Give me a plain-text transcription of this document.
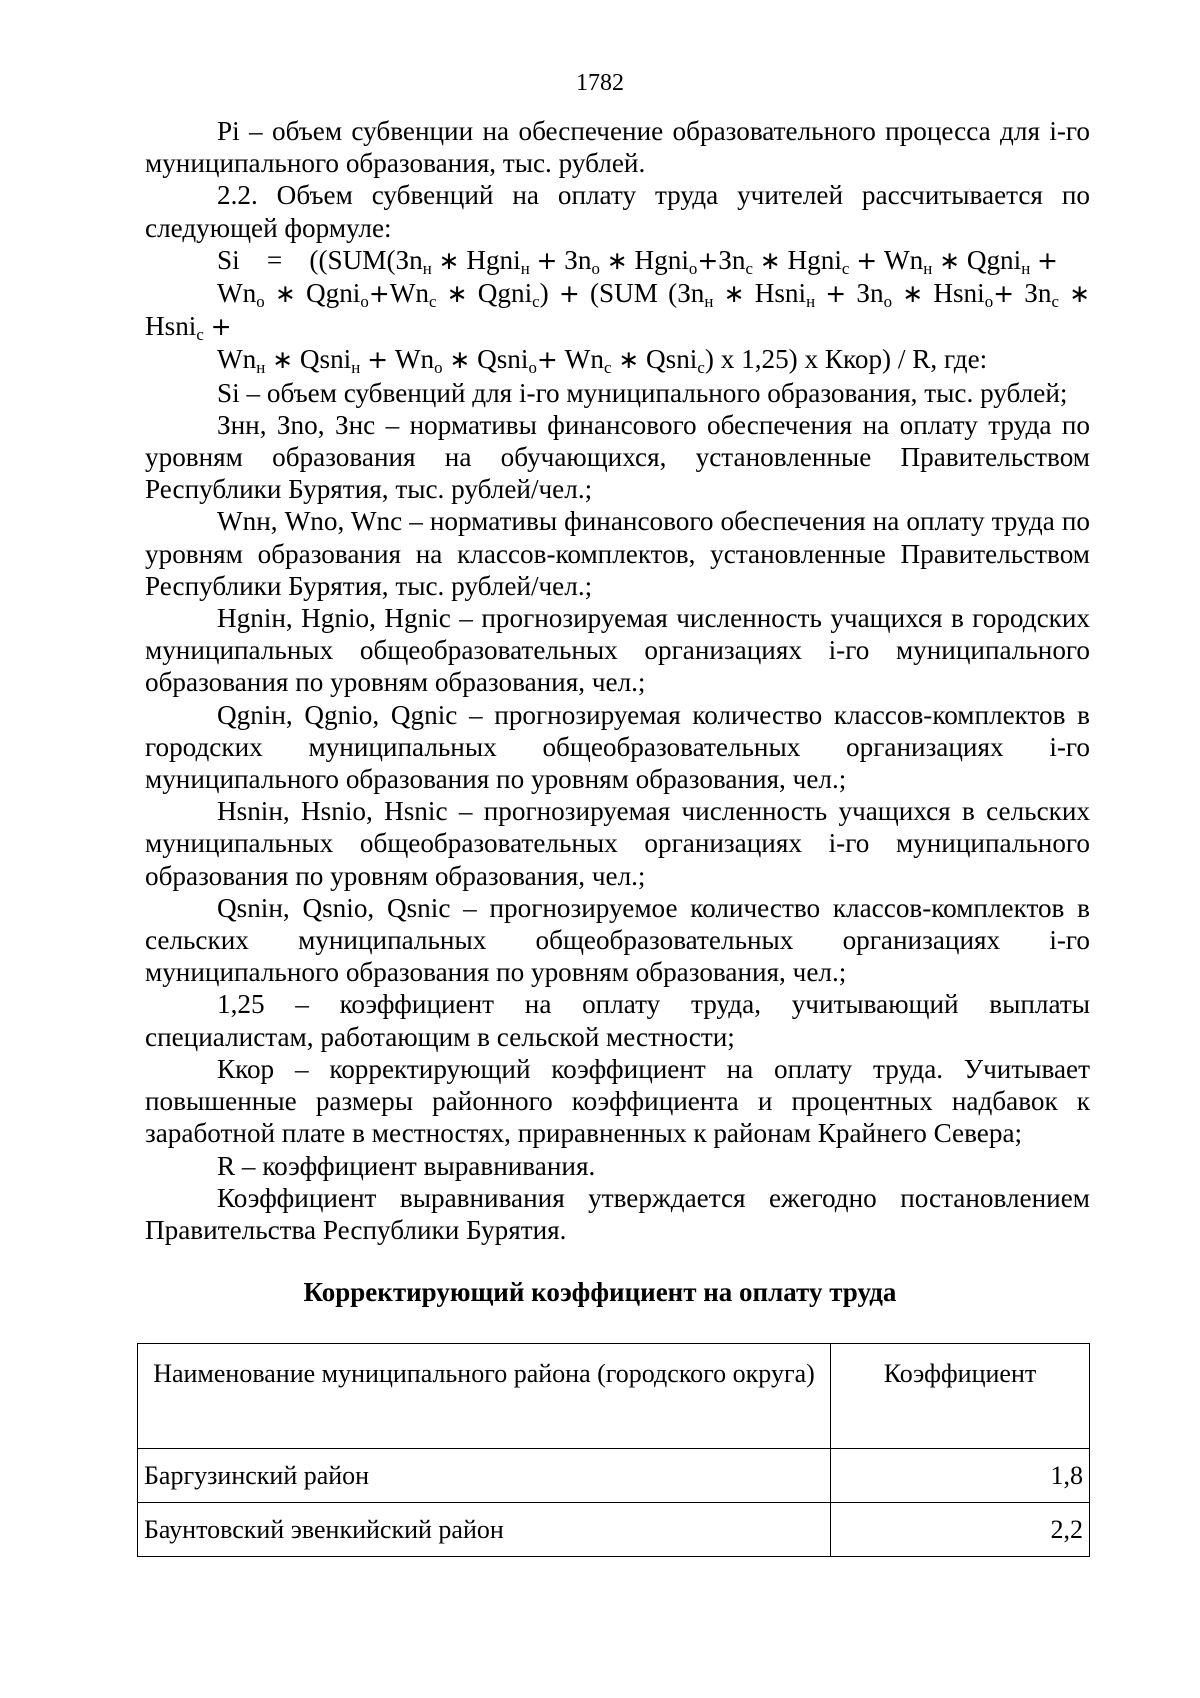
1782

Pi – объем субвенции на обеспечение образовательного процесса для i-го муниципального образования, тыс. рублей.

2.2. Объем субвенций на оплату труда учителей рассчитывается по следующей формуле:

$Si = ((SUM(Зn_н$ ∗ Hgni$_н$ + $Зn_о$ ∗ $Hgni_о+Зn_с$ ∗ Hgni$_с$ + $Wn_н$ ∗ Qgni$_н$ +

$Wn_о$ ∗ $Qgni_о+Wn_с$ ∗ Qgni$_с$) + (SUM ($Зn_н$ ∗ Hsni$_н$ + $Зn_о$ ∗ Hsni$_о$+ $Зn_с$ ∗ Hsni$_с$ +

$Wn_н$ ∗ Qsni$_н$ + $Wn_о$ ∗ Qsni$_о$+ $Wn_с$ ∗ Qsni$_с$) x 1,25) x Ккор) / R, где:

Si – объем субвенций для i-го муниципального образования, тыс. рублей;

Знн, Зno, Знс – нормативы финансового обеспечения на оплату труда по уровням образования на обучающихся, установленные Правительством Республики Бурятия, тыс. рублей/чел.;

Wnн, Wno, Wnc – нормативы финансового обеспечения на оплату труда по уровням образования на классов-комплектов, установленные Правительством Республики Бурятия, тыс. рублей/чел.;

Hgniн, Hgnio, Hgnic – прогнозируемая численность учащихся в городских муниципальных общеобразовательных организациях i-го муниципального образования по уровням образования, чел.;

Qgniн, Qgnio, Qgnic – прогнозируемая количество классов-комплектов в городских муниципальных общеобразовательных организациях i-го муниципального образования по уровням образования, чел.;

Hsniн, Hsnio, Hsnic – прогнозируемая численность учащихся в сельских муниципальных общеобразовательных организациях i-го муниципального образования по уровням образования, чел.;

Qsniн, Qsnio, Qsnic – прогнозируемое количество классов-комплектов в сельских муниципальных общеобразовательных организациях i-го муниципального образования по уровням образования, чел.;

1,25 – коэффициент на оплату труда, учитывающий выплаты специалистам, работающим в сельской местности;

Ккор – корректирующий коэффициент на оплату труда. Учитывает повышенные размеры районного коэффициента и процентных надбавок к заработной плате в местностях, приравненных к районам Крайнего Севера;

R – коэффициент выравнивания.

Коэффициент выравнивания утверждается ежегодно постановлением Правительства Республики Бурятия.

Корректирующий коэффициент на оплату труда
Наименование муниципального района (городского округа)	Коэффициент
Баргузинский район	1,8
Баунтовский эвенкийский район	2,2
